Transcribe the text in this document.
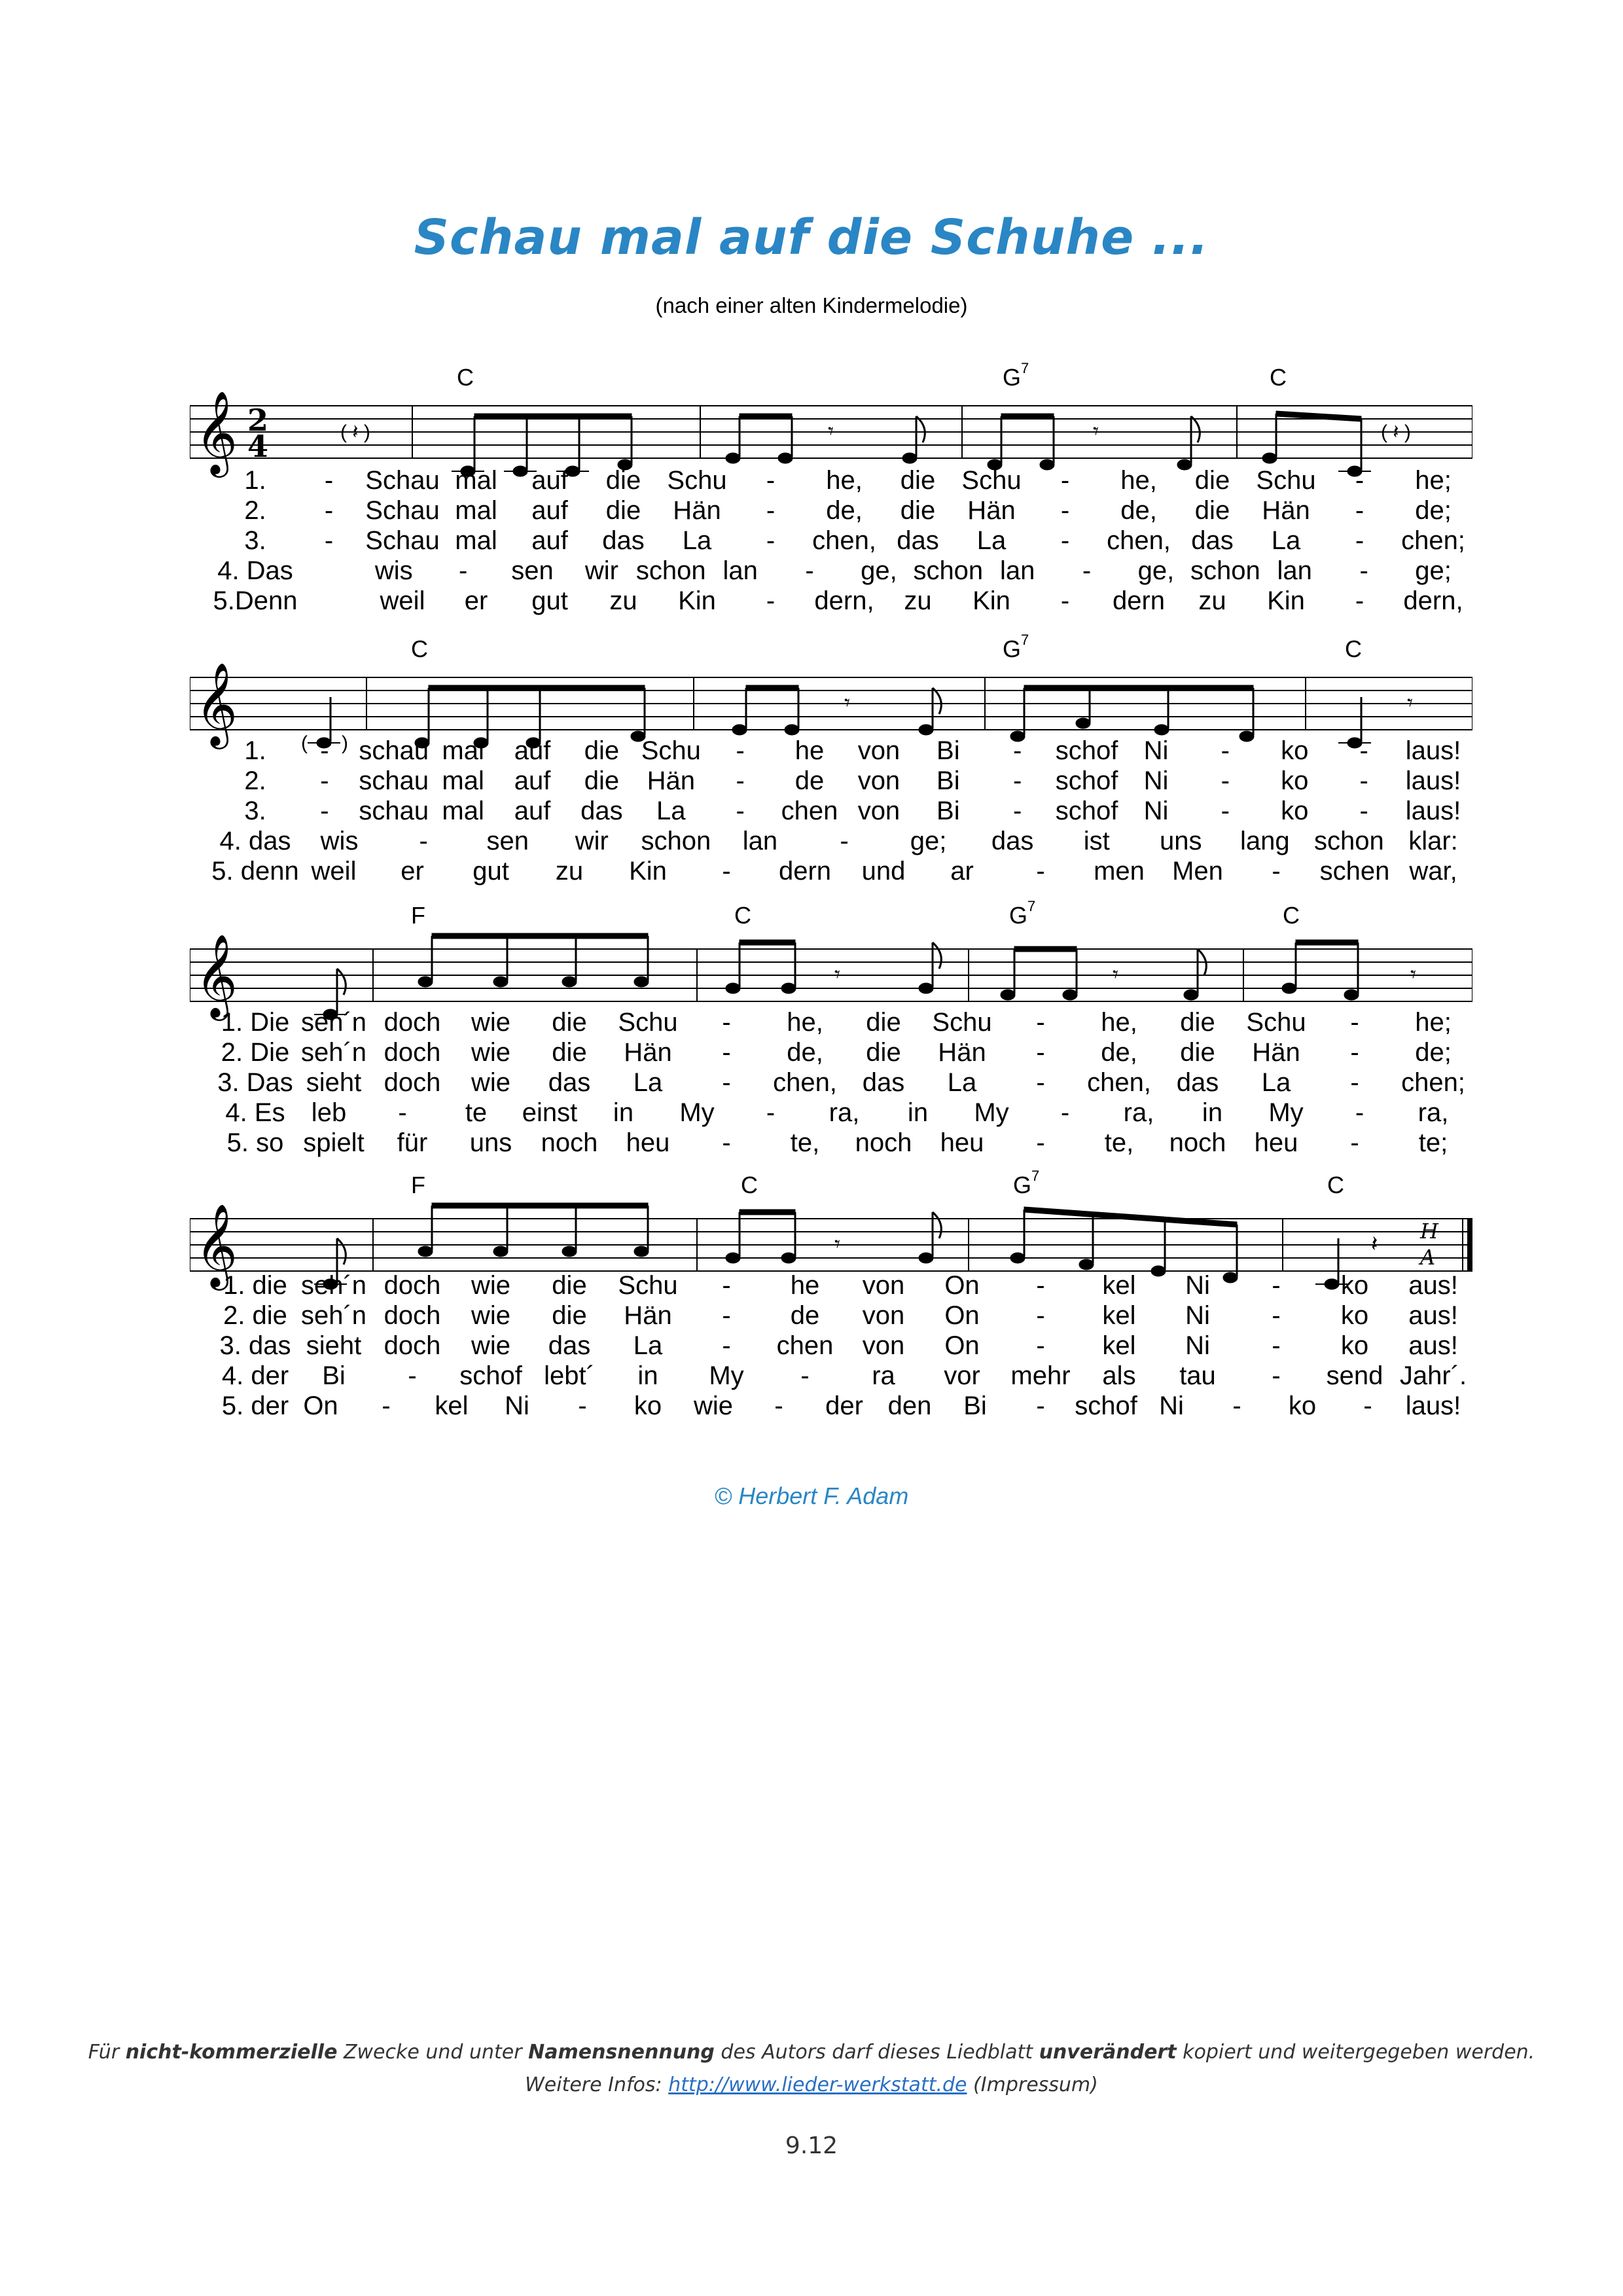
Schau mal auf die Schuhe ...
(nach einer alten Kindermelodie)
𝄞 2
4	( 𝄽 )	𝄾	𝄾	( 𝄽 )
C	$G^7$	C
1. - Schau mal auf die Schu - he, die Schu - he, die Schu - he;
2. - Schau mal auf die Hän - de, die Hän - de, die Hän - de;
3. - Schau mal auf das La - chen, das La - chen, das La - chen;
4. Das	wis - sen wir schon lan - ge, schon lan - ge, schon lan - ge;
5.Denn	weil er gut zu Kin - dern, zu Kin - dern zu Kin - dern,
𝄞	( )
𝄾	𝄾
C	$G^7$	C
1. - schau mal auf die Schu - he von Bi - schof Ni - ko - laus!
2. - schau mal auf die Hän - de von Bi - schof Ni - ko - laus!
3. - schau mal auf das La - chen von Bi - schof Ni - ko - laus!
4. das wis - sen wir schon lan - ge; das ist uns lang schon klar:
5. denn weil er gut zu Kin - dern und ar - men Men - schen war,
𝄞	𝄾	𝄾	𝄾
F	C	$G^7$	C
1. Die seh´n doch wie die Schu - he, die Schu - he, die Schu - he;
2. Die seh´n doch wie die Hän - de, die Hän - de, die Hän - de;
3. Das sieht doch wie das La - chen, das La - chen, das La - chen;
4. Es leb - te einst in My - ra, in My - ra, in My - ra,
5. so spielt für uns noch heu - te, noch heu - te, noch heu - te;
𝄞	𝄾	𝄽
H
A
F	C	$G^7$	C
1. die seh´n doch wie die Schu - he von On - kel Ni - ko aus!
2. die seh´n doch wie die Hän - de von On - kel Ni - ko aus!
3. das sieht doch wie das La - chen von On - kel Ni - ko aus!
4. der Bi - schof lebt´ in My - ra vor mehr als tau - send Jahr´.
5. der On - kel Ni - ko wie - der den Bi - schof Ni - ko - laus!
© Herbert F. Adam
Für nicht-kommerzielle Zwecke und unter Namensnennung des Autors darf dieses Liedblatt unverändert kopiert und weitergegeben werden.
Weitere Infos: http://www.lieder-werkstatt.de (Impressum)
9.12
